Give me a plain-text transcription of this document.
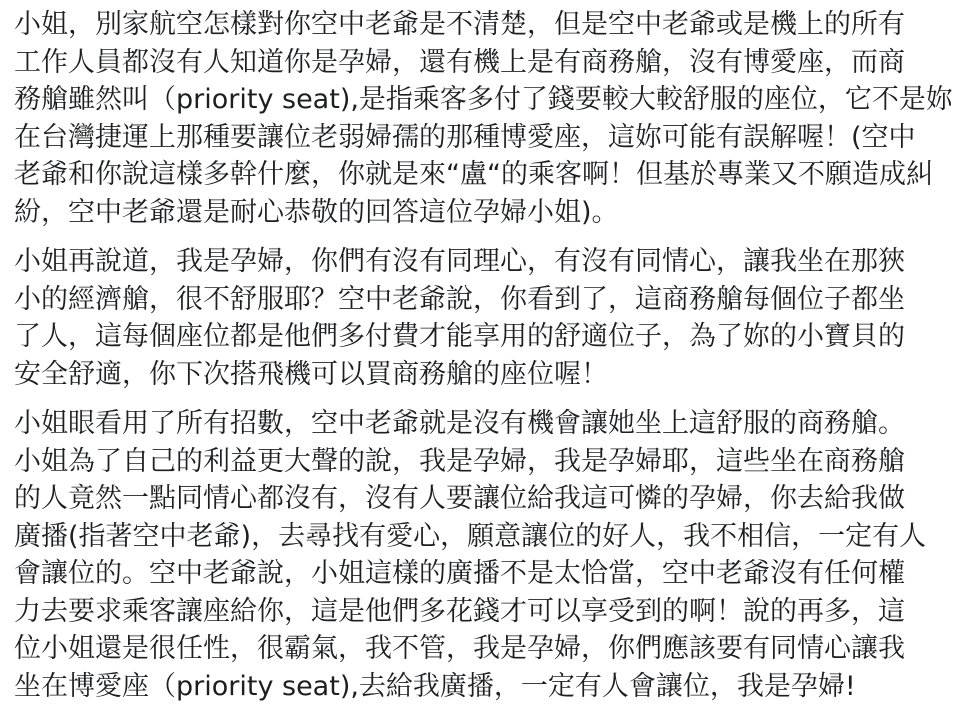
小姐，別家航空怎樣對你空中老爺是不清楚，但是空中老爺或是機上的所有
工作人員都沒有人知道你是孕婦，還有機上是有商務艙，沒有博愛座，而商
務艙雖然叫（priority seat),是指乘客多付了錢要較大較舒服的座位，它不是妳
在台灣捷運上那種要讓位老弱婦孺的那種博愛座，這妳可能有誤解喔！(空中
老爺和你說這樣多幹什麼，你就是來“盧“的乘客啊！但基於專業又不願造成糾
紛，空中老爺還是耐心恭敬的回答這位孕婦小姐)。

小姐再說道，我是孕婦，你們有沒有同理心，有沒有同情心，讓我坐在那狹
小的經濟艙，很不舒服耶？空中老爺說，你看到了，這商務艙每個位子都坐
了人，這每個座位都是他們多付費才能享用的舒適位子，為了妳的小寶貝的
安全舒適，你下次搭飛機可以買商務艙的座位喔！

小姐眼看用了所有招數，空中老爺就是沒有機會讓她坐上這舒服的商務艙。
小姐為了自己的利益更大聲的說，我是孕婦，我是孕婦耶，這些坐在商務艙
的人竟然一點同情心都沒有，沒有人要讓位給我這可憐的孕婦，你去給我做
廣播(指著空中老爺)，去尋找有愛心，願意讓位的好人，我不相信，一定有人
會讓位的。空中老爺說，小姐這樣的廣播不是太恰當，空中老爺沒有任何權
力去要求乘客讓座給你，這是他們多花錢才可以享受到的啊！說的再多，這
位小姐還是很任性，很霸氣，我不管，我是孕婦，你們應該要有同情心讓我
坐在博愛座（priority seat),去給我廣播，一定有人會讓位，我是孕婦!
